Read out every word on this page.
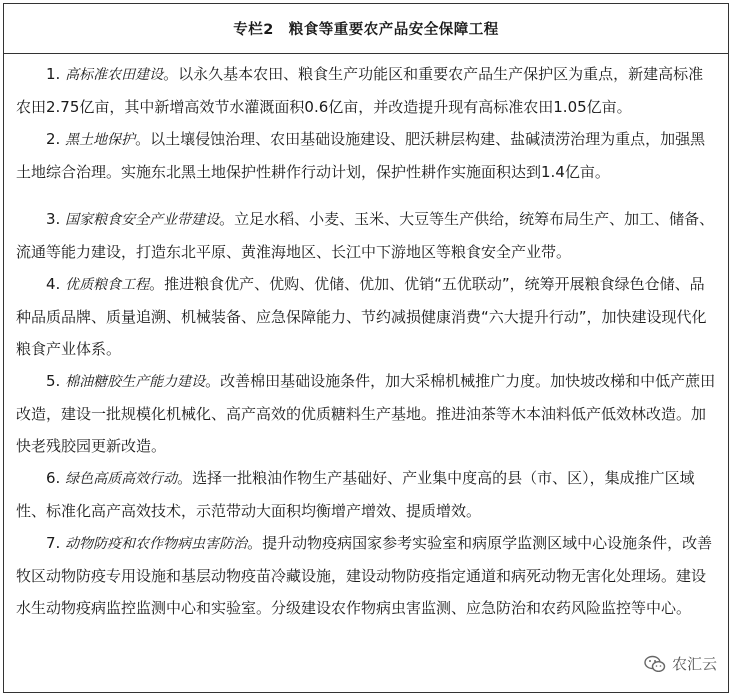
专栏2　粮食等重要农产品安全保障工程

1. 高标准农田建设。以永久基本农田、粮食生产功能区和重要农产品生产保护区为重点，新建高标准农田2.75亿亩，其中新增高效节水灌溉面积0.6亿亩，并改造提升现有高标准农田1.05亿亩。

2. 黑土地保护。以土壤侵蚀治理、农田基础设施建设、肥沃耕层构建、盐碱渍涝治理为重点，加强黑土地综合治理。实施东北黑土地保护性耕作行动计划，保护性耕作实施面积达到1.4亿亩。

3. 国家粮食安全产业带建设。立足水稻、小麦、玉米、大豆等生产供给，统筹布局生产、加工、储备、流通等能力建设，打造东北平原、黄淮海地区、长江中下游地区等粮食安全产业带。

4. 优质粮食工程。推进粮食优产、优购、优储、优加、优销“五优联动”，统筹开展粮食绿色仓储、品种品质品牌、质量追溯、机械装备、应急保障能力、节约减损健康消费“六大提升行动”，加快建设现代化粮食产业体系。

5. 棉油糖胶生产能力建设。改善棉田基础设施条件，加大采棉机械推广力度。加快坡改梯和中低产蔗田改造，建设一批规模化机械化、高产高效的优质糖料生产基地。推进油茶等木本油料低产低效林改造。加快老残胶园更新改造。

6. 绿色高质高效行动。选择一批粮油作物生产基础好、产业集中度高的县（市、区），集成推广区域性、标准化高产高效技术，示范带动大面积均衡增产增效、提质增效。

7. 动物防疫和农作物病虫害防治。提升动物疫病国家参考实验室和病原学监测区域中心设施条件，改善牧区动物防疫专用设施和基层动物疫苗冷藏设施，建设动物防疫指定通道和病死动物无害化处理场。建设水生动物疫病监控监测中心和实验室。分级建设农作物病虫害监测、应急防治和农药风险监控等中心。

农汇云
